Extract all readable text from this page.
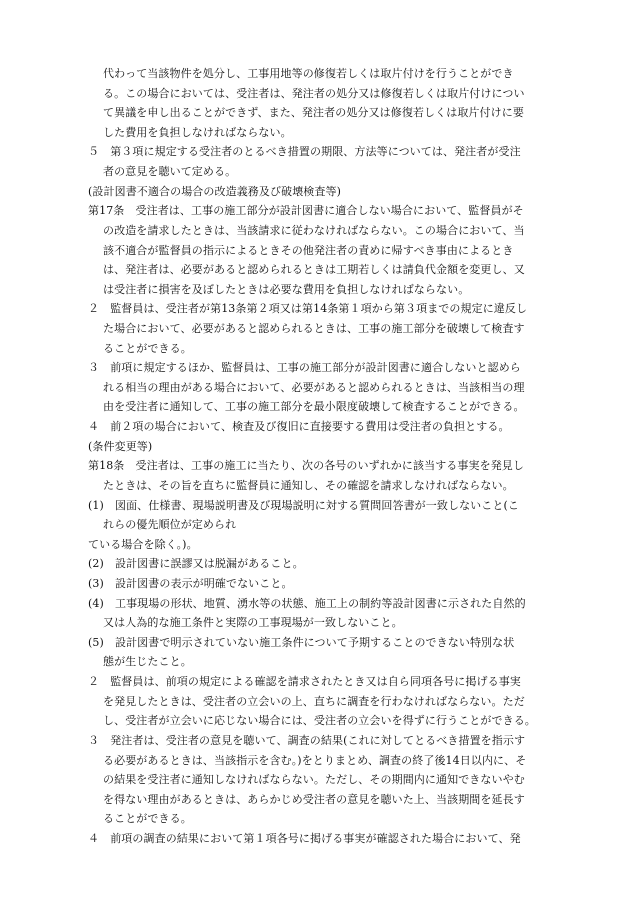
代わって当該物件を処分し、工事用地等の修復若しくは取片付けを行うことができ
る。この場合においては、受注者は、発注者の処分又は修復若しくは取片付けについ
て異議を申し出ることができず、また、発注者の処分又は修復若しくは取片付けに要
した費用を負担しなければならない。
５　第３項に規定する受注者のとるべき措置の期限、方法等については、発注者が受注
者の意見を聴いて定める。
(設計図書不適合の場合の改造義務及び破壊検査等)
第17条　受注者は、工事の施工部分が設計図書に適合しない場合において、監督員がそ
の改造を請求したときは、当該請求に従わなければならない。この場合において、当
該不適合が監督員の指示によるときその他発注者の責めに帰すべき事由によるとき
は、発注者は、必要があると認められるときは工期若しくは請負代金額を変更し、又
は受注者に損害を及ぼしたときは必要な費用を負担しなければならない。
２　監督員は、受注者が第13条第２項又は第14条第１項から第３項までの規定に違反し
た場合において、必要があると認められるときは、工事の施工部分を破壊して検査す
ることができる。
３　前項に規定するほか、監督員は、工事の施工部分が設計図書に適合しないと認めら
れる相当の理由がある場合において、必要があると認められるときは、当該相当の理
由を受注者に通知して、工事の施工部分を最小限度破壊して検査することができる。
４　前２項の場合において、検査及び復旧に直接要する費用は受注者の負担とする。
(条件変更等)
第18条　受注者は、工事の施工に当たり、次の各号のいずれかに該当する事実を発見し
たときは、その旨を直ちに監督員に通知し、その確認を請求しなければならない。
(1)　図面、仕様書、現場説明書及び現場説明に対する質問回答書が一致しないこと(こ
れらの優先順位が定められ
ている場合を除く。)。
(2)　設計図書に誤謬又は脱漏があること。
(3)　設計図書の表示が明確でないこと。
(4)　工事現場の形状、地質、湧水等の状態、施工上の制約等設計図書に示された自然的
又は人為的な施工条件と実際の工事現場が一致しないこと。
(5)　設計図書で明示されていない施工条件について予期することのできない特別な状
態が生じたこと。
２　監督員は、前項の規定による確認を請求されたとき又は自ら同項各号に掲げる事実
を発見したときは、受注者の立会いの上、直ちに調査を行わなければならない。ただ
し、受注者が立会いに応じない場合には、受注者の立会いを得ずに行うことができる。
３　発注者は、受注者の意見を聴いて、調査の結果(これに対してとるべき措置を指示す
る必要があるときは、当該指示を含む。)をとりまとめ、調査の終了後14日以内に、そ
の結果を受注者に通知しなければならない。ただし、その期間内に通知できないやむ
を得ない理由があるときは、あらかじめ受注者の意見を聴いた上、当該期間を延長す
ることができる。
４　前項の調査の結果において第１項各号に掲げる事実が確認された場合において、発
